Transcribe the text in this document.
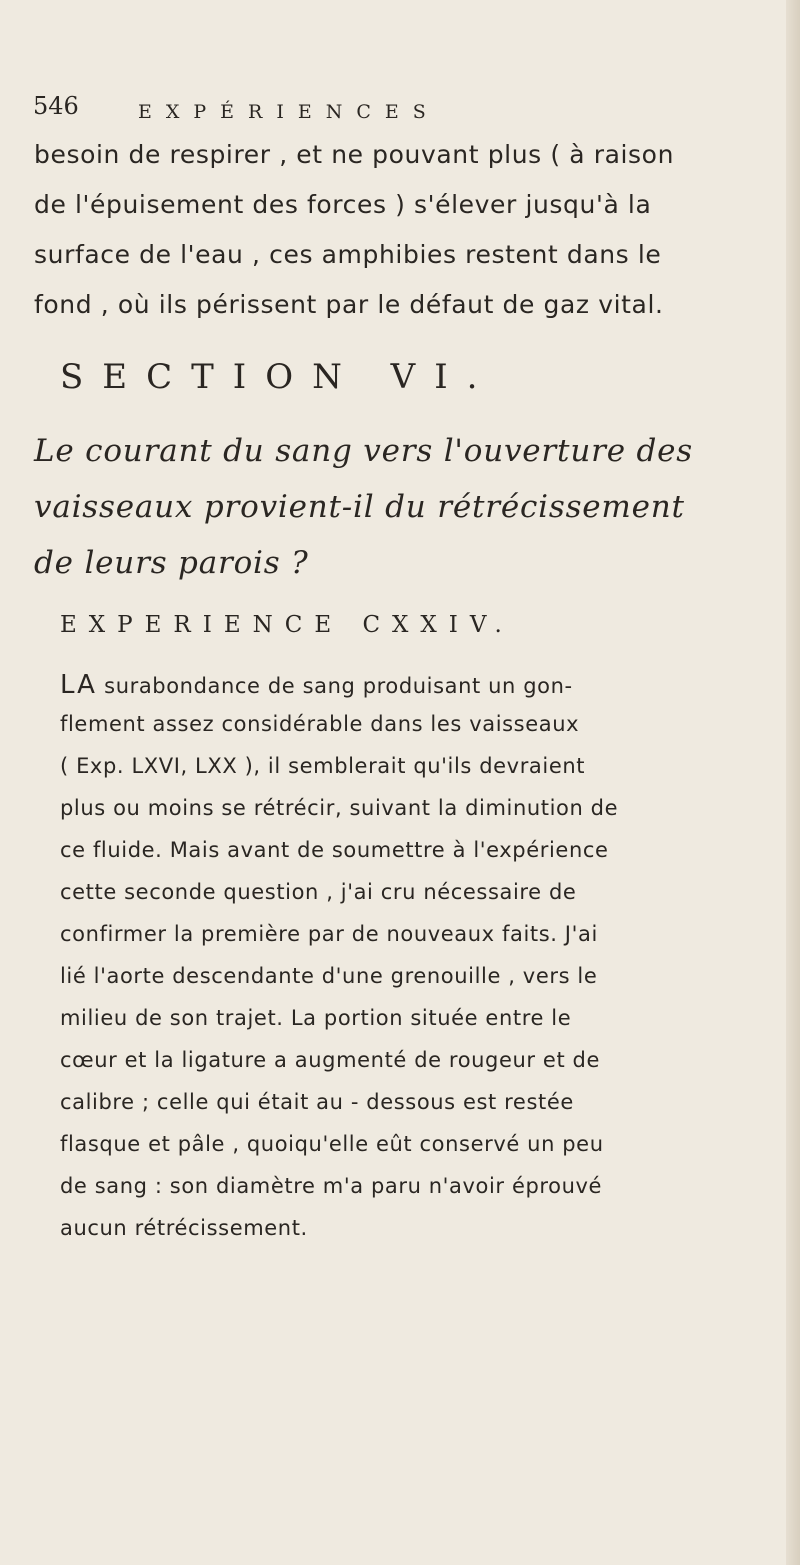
546	EXPÉRIENCES
besoin de respirer , et ne pouvant plus ( à raison
de l'épuisement des forces ) s'élever jusqu'à la
surface de l'eau , ces amphibies restent dans le
fond , où ils périssent par le défaut de gaz vital.
SECTION VI.
Le courant du sang vers l'ouverture des
vaisseaux provient-il du rétrécissement
de leurs parois ?
EXPERIENCE CXXIV.
LA surabondance de sang produisant un gon-
flement assez considérable dans les vaisseaux
( Exp. LXVI, LXX ), il semblerait qu'ils devraient
plus ou moins se rétrécir, suivant la diminution de
ce fluide. Mais avant de soumettre à l'expérience
cette seconde question , j'ai cru nécessaire de
confirmer la première par de nouveaux faits. J'ai
lié l'aorte descendante d'une grenouille , vers le
milieu de son trajet. La portion située entre le
cœur et la ligature a augmenté de rougeur et de
calibre ; celle qui était au - dessous est restée
flasque et pâle , quoiqu'elle eût conservé un peu
de sang : son diamètre m'a paru n'avoir éprouvé
aucun rétrécissement.
